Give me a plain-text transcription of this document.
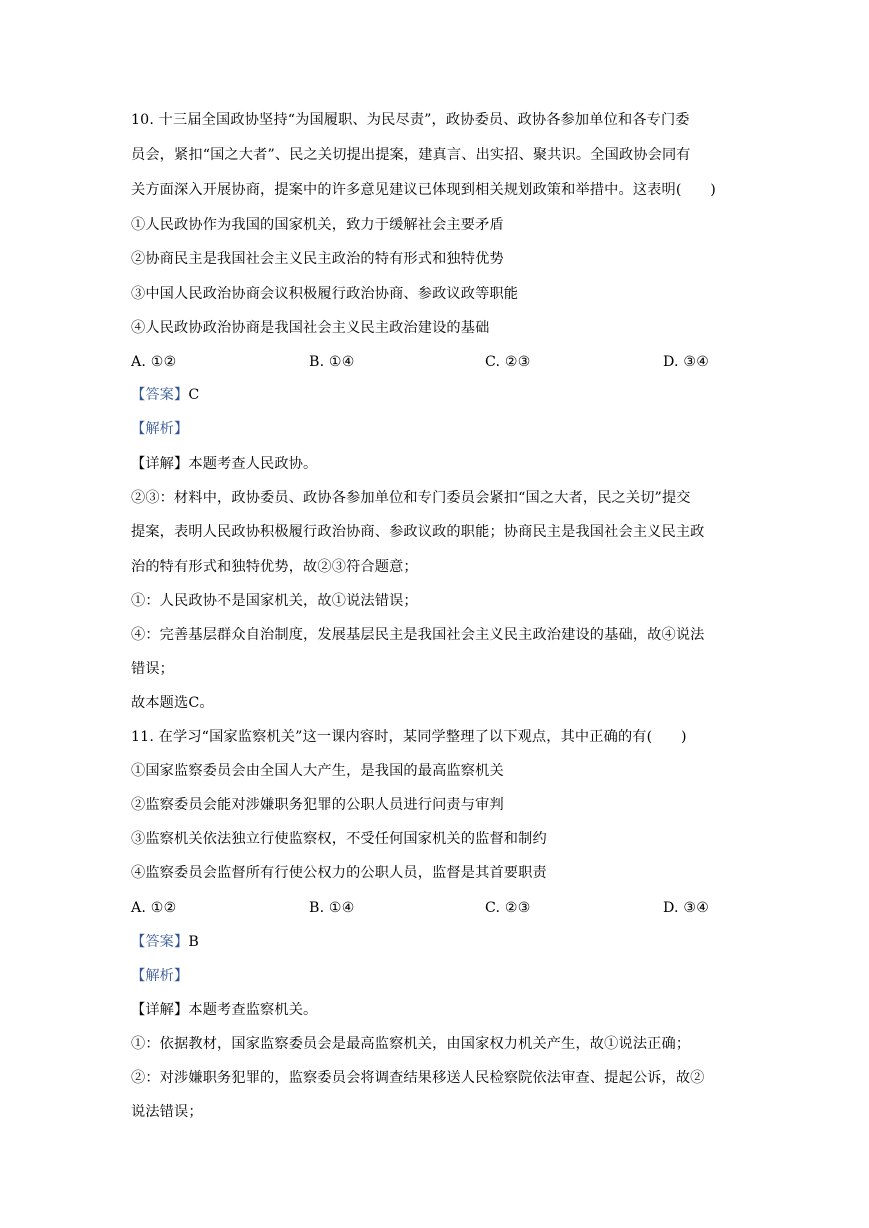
10. 十三届全国政协坚持“为国履职、为民尽责”，政协委员、政协各参加单位和各专门委
员会，紧扣“国之大者”、民之关切提出提案，建真言、出实招、聚共识。全国政协会同有
关方面深入开展协商，提案中的许多意见建议已体现到相关规划政策和举措中。这表明(　　)
①人民政协作为我国的国家机关，致力于缓解社会主要矛盾
②协商民主是我国社会主义民主政治的特有形式和独特优势
③中国人民政治协商会议积极履行政治协商、参政议政等职能
④人民政协政治协商是我国社会主义民主政治建设的基础
A. ①②	B. ①④	C. ②③	D. ③④
【答案】C
【解析】
【详解】本题考查人民政协。
②③：材料中，政协委员、政协各参加单位和专门委员会紧扣“国之大者，民之关切”提交
提案，表明人民政协积极履行政治协商、参政议政的职能；协商民主是我国社会主义民主政
治的特有形式和独特优势，故②③符合题意；
①：人民政协不是国家机关，故①说法错误；
④：完善基层群众自治制度，发展基层民主是我国社会主义民主政治建设的基础，故④说法
错误；
故本题选C。
11. 在学习“国家监察机关”这一课内容时，某同学整理了以下观点，其中正确的有(　　)
①国家监察委员会由全国人大产生，是我国的最高监察机关
②监察委员会能对涉嫌职务犯罪的公职人员进行问责与审判
③监察机关依法独立行使监察权，不受任何国家机关的监督和制约
④监察委员会监督所有行使公权力的公职人员，监督是其首要职责
A. ①②	B. ①④	C. ②③	D. ③④
【答案】B
【解析】
【详解】本题考查监察机关。
①：依据教材，国家监察委员会是最高监察机关，由国家权力机关产生，故①说法正确；
②：对涉嫌职务犯罪的，监察委员会将调查结果移送人民检察院依法审查、提起公诉，故②
说法错误；
